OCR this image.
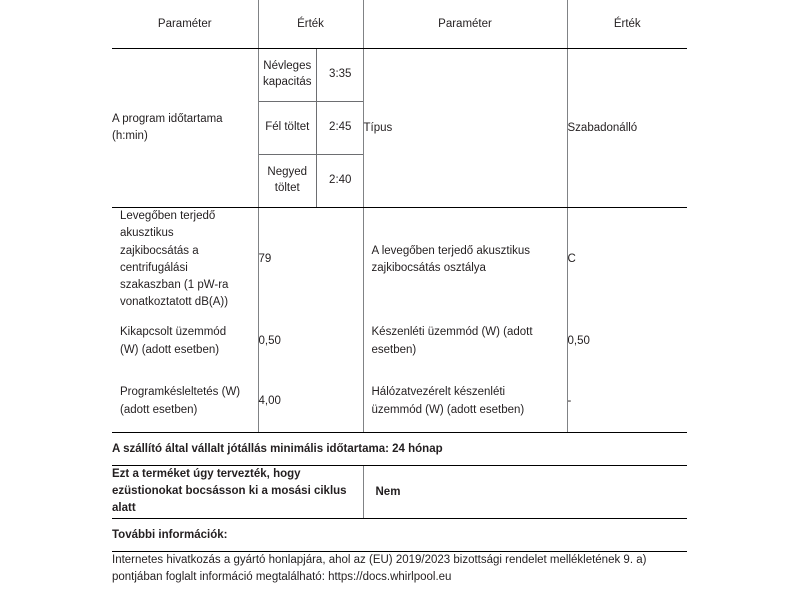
Paraméter	Érték	Paraméter	Érték
A program időtartama (h:min)	
Névleges kapacitás	3:35
Fél töltet	2:45
Negyed töltet	2:40
	Típus	Szabadonálló
Levegőben terjedő akusztikus zajkibocsátás a centrifugálási szakaszban (1 pW-ra vonatkoztatott dB(A))	79	A levegőben terjedő akusztikus zajkibocsátás osztálya	C
Kikapcsolt üzemmód (W) (adott esetben)	0,50	Készenléti üzemmód (W) (adott esetben)	0,50
Programkésleltetés (W) (adott esetben)	4,00	Hálózatvezérelt készenléti üzemmód (W) (adott esetben)	-
A szállító által vállalt jótállás minimális időtartama: 24 hónap
Ezt a terméket úgy tervezték, hogy ezüstionokat bocsásson ki a mosási ciklus alatt	Nem
További információk:
Internetes hivatkozás a gyártó honlapjára, ahol az (EU) 2019/2023 bizottsági rendelet mellékletének 9. a) pontjában foglalt információ megtalálható: https://docs.whirlpool.eu
